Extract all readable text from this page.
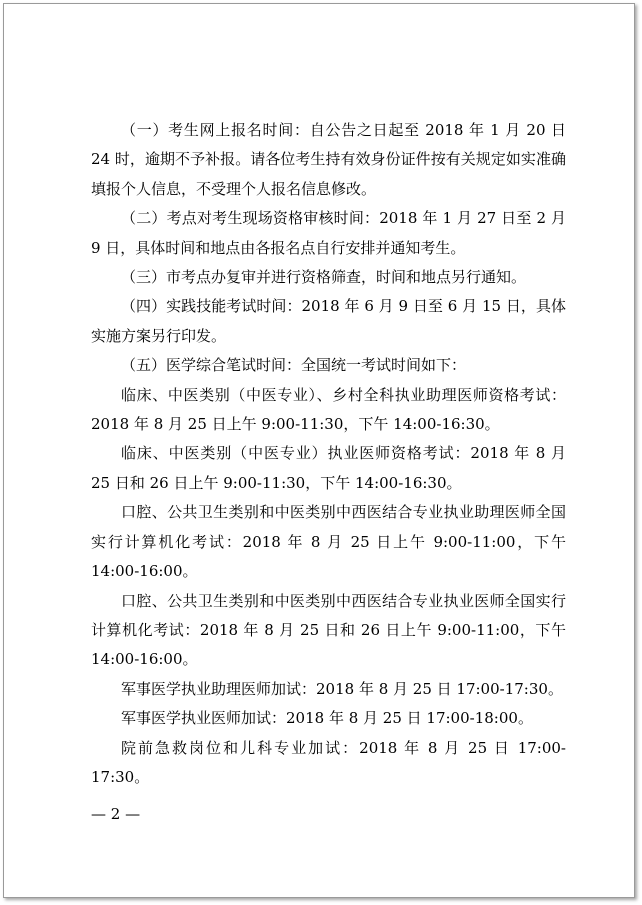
（一）考生网上报名时间：自公告之日起至 2018 年 1 月 20 日 24 时，逾期不予补报。请各位考生持有效身份证件按有关规定如实准确填报个人信息，不受理个人报名信息修改。

（二）考点对考生现场资格审核时间：2018 年 1 月 27 日至 2 月 9 日，具体时间和地点由各报名点自行安排并通知考生。

（三）市考点办复审并进行资格筛查，时间和地点另行通知。

（四）实践技能考试时间：2018 年 6 月 9 日至 6 月 15 日，具体实施方案另行印发。

（五）医学综合笔试时间：全国统一考试时间如下：

临床、中医类别（中医专业）、乡村全科执业助理医师资格考试：2018 年 8 月 25 日上午 9:00-11:30，下午 14:00-16:30。

临床、中医类别（中医专业）执业医师资格考试：2018 年 8 月 25 日和 26 日上午 9:00-11:30，下午 14:00-16:30。

口腔、公共卫生类别和中医类别中西医结合专业执业助理医师全国实行计算机化考试：2018 年 8 月 25 日上午 9:00-11:00，下午 14:00-16:00。

口腔、公共卫生类别和中医类别中西医结合专业执业医师全国实行计算机化考试：2018 年 8 月 25 日和 26 日上午 9:00-11:00，下午 14:00-16:00。

军事医学执业助理医师加试：2018 年 8 月 25 日 17:00-17:30。

军事医学执业医师加试：2018 年 8 月 25 日 17:00-18:00。

院前急救岗位和儿科专业加试：2018 年 8 月 25 日 17:00-17:30。

— 2 —
